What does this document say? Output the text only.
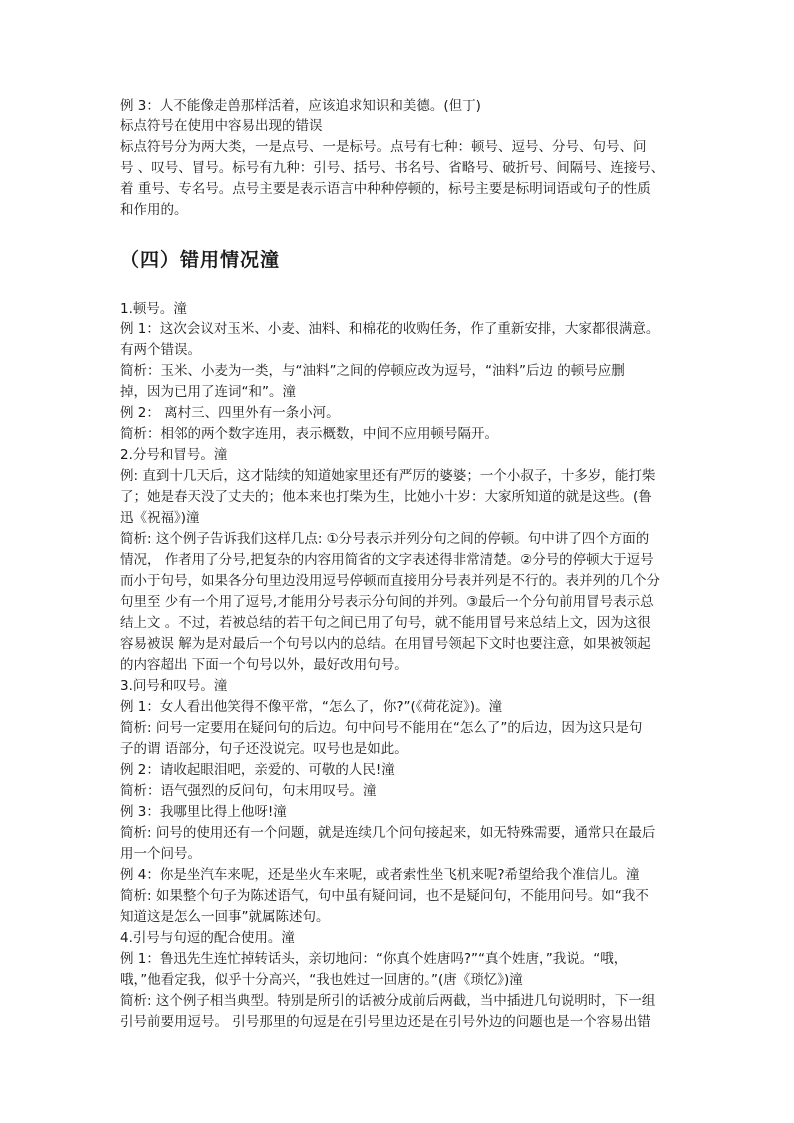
例 3：人不能像走兽那样活着，应该追求知识和美德。(但丁)
标点符号在使用中容易出现的错误
标点符号分为两大类，一是点号、一是标号。点号有七种：顿号、逗号、分号、句号、问
号 、叹号、冒号。标号有九种：引号、括号、书名号、省略号、破折号、间隔号、连接号、
着 重号、专名号。点号主要是表示语言中种种停顿的，标号主要是标明词语或句子的性质
和作用的。
（四）错用情况潼
1.顿号。潼
例 1：这次会议对玉米、小麦、油料、和棉花的收购任务，作了重新安排，大家都很满意。
有两个错误。
简析：玉米、小麦为一类，与“油料”之间的停顿应改为逗号，“油料”后边 的顿号应删
掉，因为已用了连词“和”。潼
例 2： 离村三、四里外有一条小河。
简析：相邻的两个数字连用，表示概数，中间不应用顿号隔开。
2.分号和冒号。潼
例: 直到十几天后，这才陆续的知道她家里还有严厉的婆婆；一个小叔子，十多岁，能打柴
了；她是春天没了丈夫的；他本来也打柴为生，比她小十岁：大家所知道的就是这些。(鲁
迅《祝福》)潼
简析: 这个例子告诉我们这样几点: ①分号表示并列分句之间的停顿。句中讲了四个方面的
情况， 作者用了分号,把复杂的内容用简省的文字表述得非常清楚。②分号的停顿大于逗号
而小于句号，如果各分句里边没用逗号停顿而直接用分号表并列是不行的。表并列的几个分
句里至 少有一个用了逗号,才能用分号表示分句间的并列。③最后一个分句前用冒号表示总
结上文 。不过，若被总结的若干句之间已用了句号，就不能用冒号来总结上文，因为这很
容易被误 解为是对最后一个句号以内的总结。在用冒号领起下文时也要注意，如果被领起
的内容超出 下面一个句号以外，最好改用句号。
3.问号和叹号。潼
例 1：女人看出他笑得不像平常，“怎么了，你?”(《荷花淀》)。潼
简析: 问号一定要用在疑问句的后边。句中问号不能用在“怎么了”的后边，因为这只是句
子的谓 语部分，句子还没说完。叹号也是如此。
例 2：请收起眼泪吧，亲爱的、可敬的人民!潼
简析：语气强烈的反问句，句末用叹号。潼
例 3：我哪里比得上他呀!潼
简析: 问号的使用还有一个问题，就是连续几个问句接起来，如无特殊需要，通常只在最后
用一个问号。
例 4：你是坐汽车来呢，还是坐火车来呢，或者索性坐飞机来呢?希望给我个准信儿。潼
简析: 如果整个句子为陈述语气，句中虽有疑问词，也不是疑问句，不能用问号。如“我不
知道这是怎么一回事”就属陈述句。
4.引号与句逗的配合使用。潼
例 1：鲁迅先生连忙掉转话头，亲切地问：“你真个姓唐吗?”“真个姓唐，”我说。“哦，
哦，”他看定我，似乎十分高兴，“我也姓过一回唐的。”(唐《琐忆》)潼
简析: 这个例子相当典型。特别是所引的话被分成前后两截，当中插进几句说明时，下一组
引号前要用逗号。 引号那里的句逗是在引号里边还是在引号外边的问题也是一个容易出错
